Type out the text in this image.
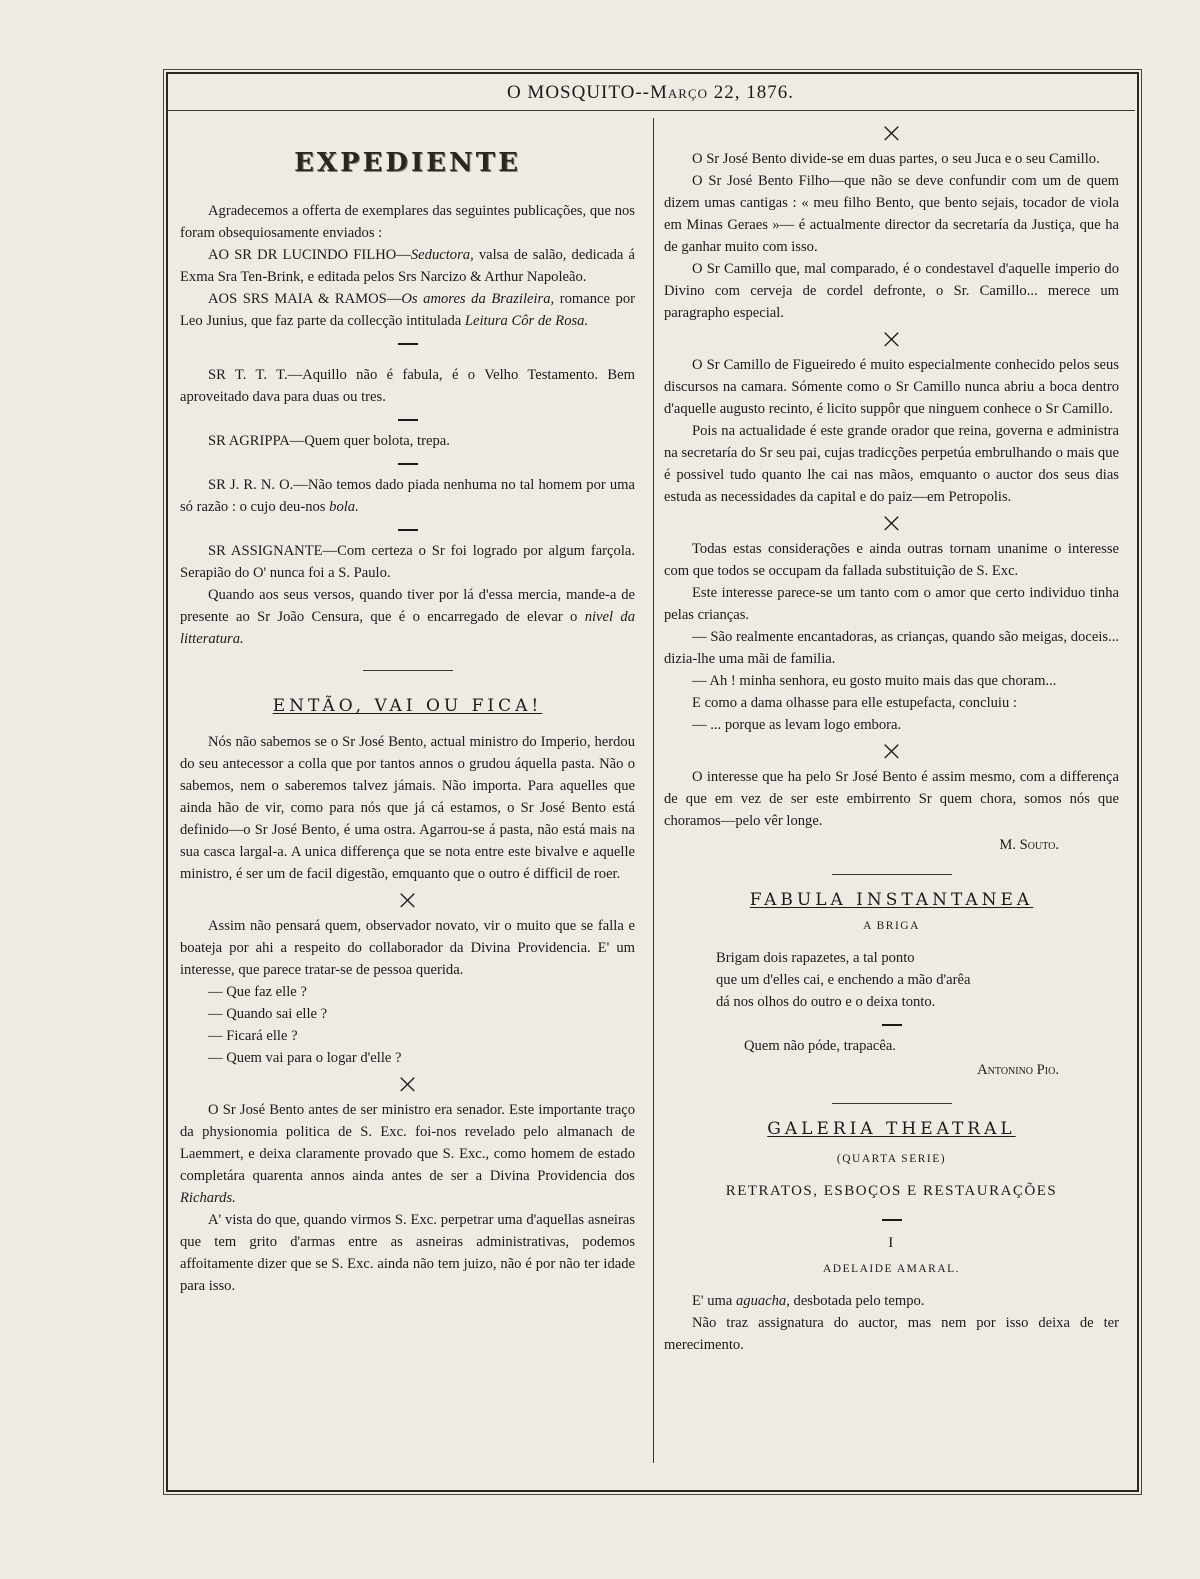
O MOSQUITO--Março 22, 1876.
EXPEDIENTE

Agradecemos a offerta de exemplares das seguintes publicações, que nos foram obsequiosamente enviados :

AO SR DR LUCINDO FILHO—Seductora, valsa de salão, dedicada á Exma Sra Ten-Brink, e editada pelos Srs Narcizo & Arthur Napoleão.

AOS SRS MAIA & RAMOS—Os amores da Brazileira, romance por Leo Junius, que faz parte da collecção intitulada Leitura Côr de Rosa.

SR T. T. T.—Aquillo não é fabula, é o Velho Testamento. Bem aproveitado dava para duas ou tres.

SR AGRIPPA—Quem quer bolota, trepa.

SR J. R. N. O.—Não temos dado piada nenhuma no tal homem por uma só razão : o cujo deu-nos bola.

SR ASSIGNANTE—Com certeza o Sr foi logrado por algum farçola. Serapião do O' nunca foi a S. Paulo.

Quando aos seus versos, quando tiver por lá d'essa mercia, mande-a de presente ao Sr João Censura, que é o encarregado de elevar o nivel da litteratura.

ENTÃO, VAI OU FICA!

Nós não sabemos se o Sr José Bento, actual ministro do Imperio, herdou do seu antecessor a colla que por tantos annos o grudou áquella pasta. Não o sabemos, nem o saberemos talvez jámais. Não importa. Para aquelles que ainda hão de vir, como para nós que já cá estamos, o Sr José Bento está definido—o Sr José Bento, é uma ostra. Agarrou-se á pasta, não está mais na sua casca largal-a. A unica differença que se nota entre este bivalve e aquelle ministro, é ser um de facil digestão, emquanto que o outro é difficil de roer.

×

Assim não pensará quem, observador novato, vir o muito que se falla e boateja por ahi a respeito do collaborador da Divina Providencia. E' um interesse, que parece tratar-se de pessoa querida.

— Que faz elle ?

— Quando sai elle ?

— Ficará elle ?

— Quem vai para o logar d'elle ?

×

O Sr José Bento antes de ser ministro era senador. Este importante traço da physionomia politica de S. Exc. foi-nos revelado pelo almanach de Laemmert, e deixa claramente provado que S. Exc., como homem de estado completára quarenta annos ainda antes de ser a Divina Providencia dos Richards.

A' vista do que, quando virmos S. Exc. perpetrar uma d'aquellas asneiras que tem grito d'armas entre as asneiras administrativas, podemos affoitamente dizer que se S. Exc. ainda não tem juizo, não é por não ter idade para isso.

×

O Sr José Bento divide-se em duas partes, o seu Juca e o seu Camillo.

O Sr José Bento Filho—que não se deve confundir com um de quem dizem umas cantigas : « meu filho Bento, que bento sejais, tocador de viola em Minas Geraes »— é actualmente director da secretaría da Justiça, que ha de ganhar muito com isso.

O Sr Camillo que, mal comparado, é o condestavel d'aquelle imperio do Divino com cerveja de cordel defronte, o Sr. Camillo... merece um paragrapho especial.

×

O Sr Camillo de Figueiredo é muito especialmente conhecido pelos seus discursos na camara. Sómente como o Sr Camillo nunca abriu a boca dentro d'aquelle augusto recinto, é licito suppôr que ninguem conhece o Sr Camillo.

Pois na actualidade é este grande orador que reina, governa e administra na secretaría do Sr seu pai, cujas tradicções perpetúa embrulhando o mais que é possivel tudo quanto lhe cai nas mãos, emquanto o auctor dos seus dias estuda as necessidades da capital e do paiz—em Petropolis.

×

Todas estas considerações e ainda outras tornam unanime o interesse com que todos se occupam da fallada substituição de S. Exc.

Este interesse parece-se um tanto com o amor que certo individuo tinha pelas crianças.

— São realmente encantadoras, as crianças, quando são meigas, doceis... dizia-lhe uma mãi de familia.

— Ah ! minha senhora, eu gosto muito mais das que choram...

E como a dama olhasse para elle estupefacta, concluiu :

— ... porque as levam logo embora.

×

O interesse que ha pelo Sr José Bento é assim mesmo, com a differença de que em vez de ser este embirrento Sr quem chora, somos nós que choramos—pelo vêr longe.

M. Souto.

FABULA INSTANTANEA
A BRIGA

Brigam dois rapazetes, a tal ponto

que um d'elles cai, e enchendo a mão d'arêa

dá nos olhos do outro e o deixa tonto.

Quem não póde, trapacêa.

Antonino Pio.

GALERIA THEATRAL
(QUARTA SERIE)
RETRATOS, ESBOÇOS E RESTAURAÇÕES
I
ADELAIDE AMARAL.

E' uma aguacha, desbotada pelo tempo.

Não traz assignatura do auctor, mas nem por isso deixa de ter merecimento.
